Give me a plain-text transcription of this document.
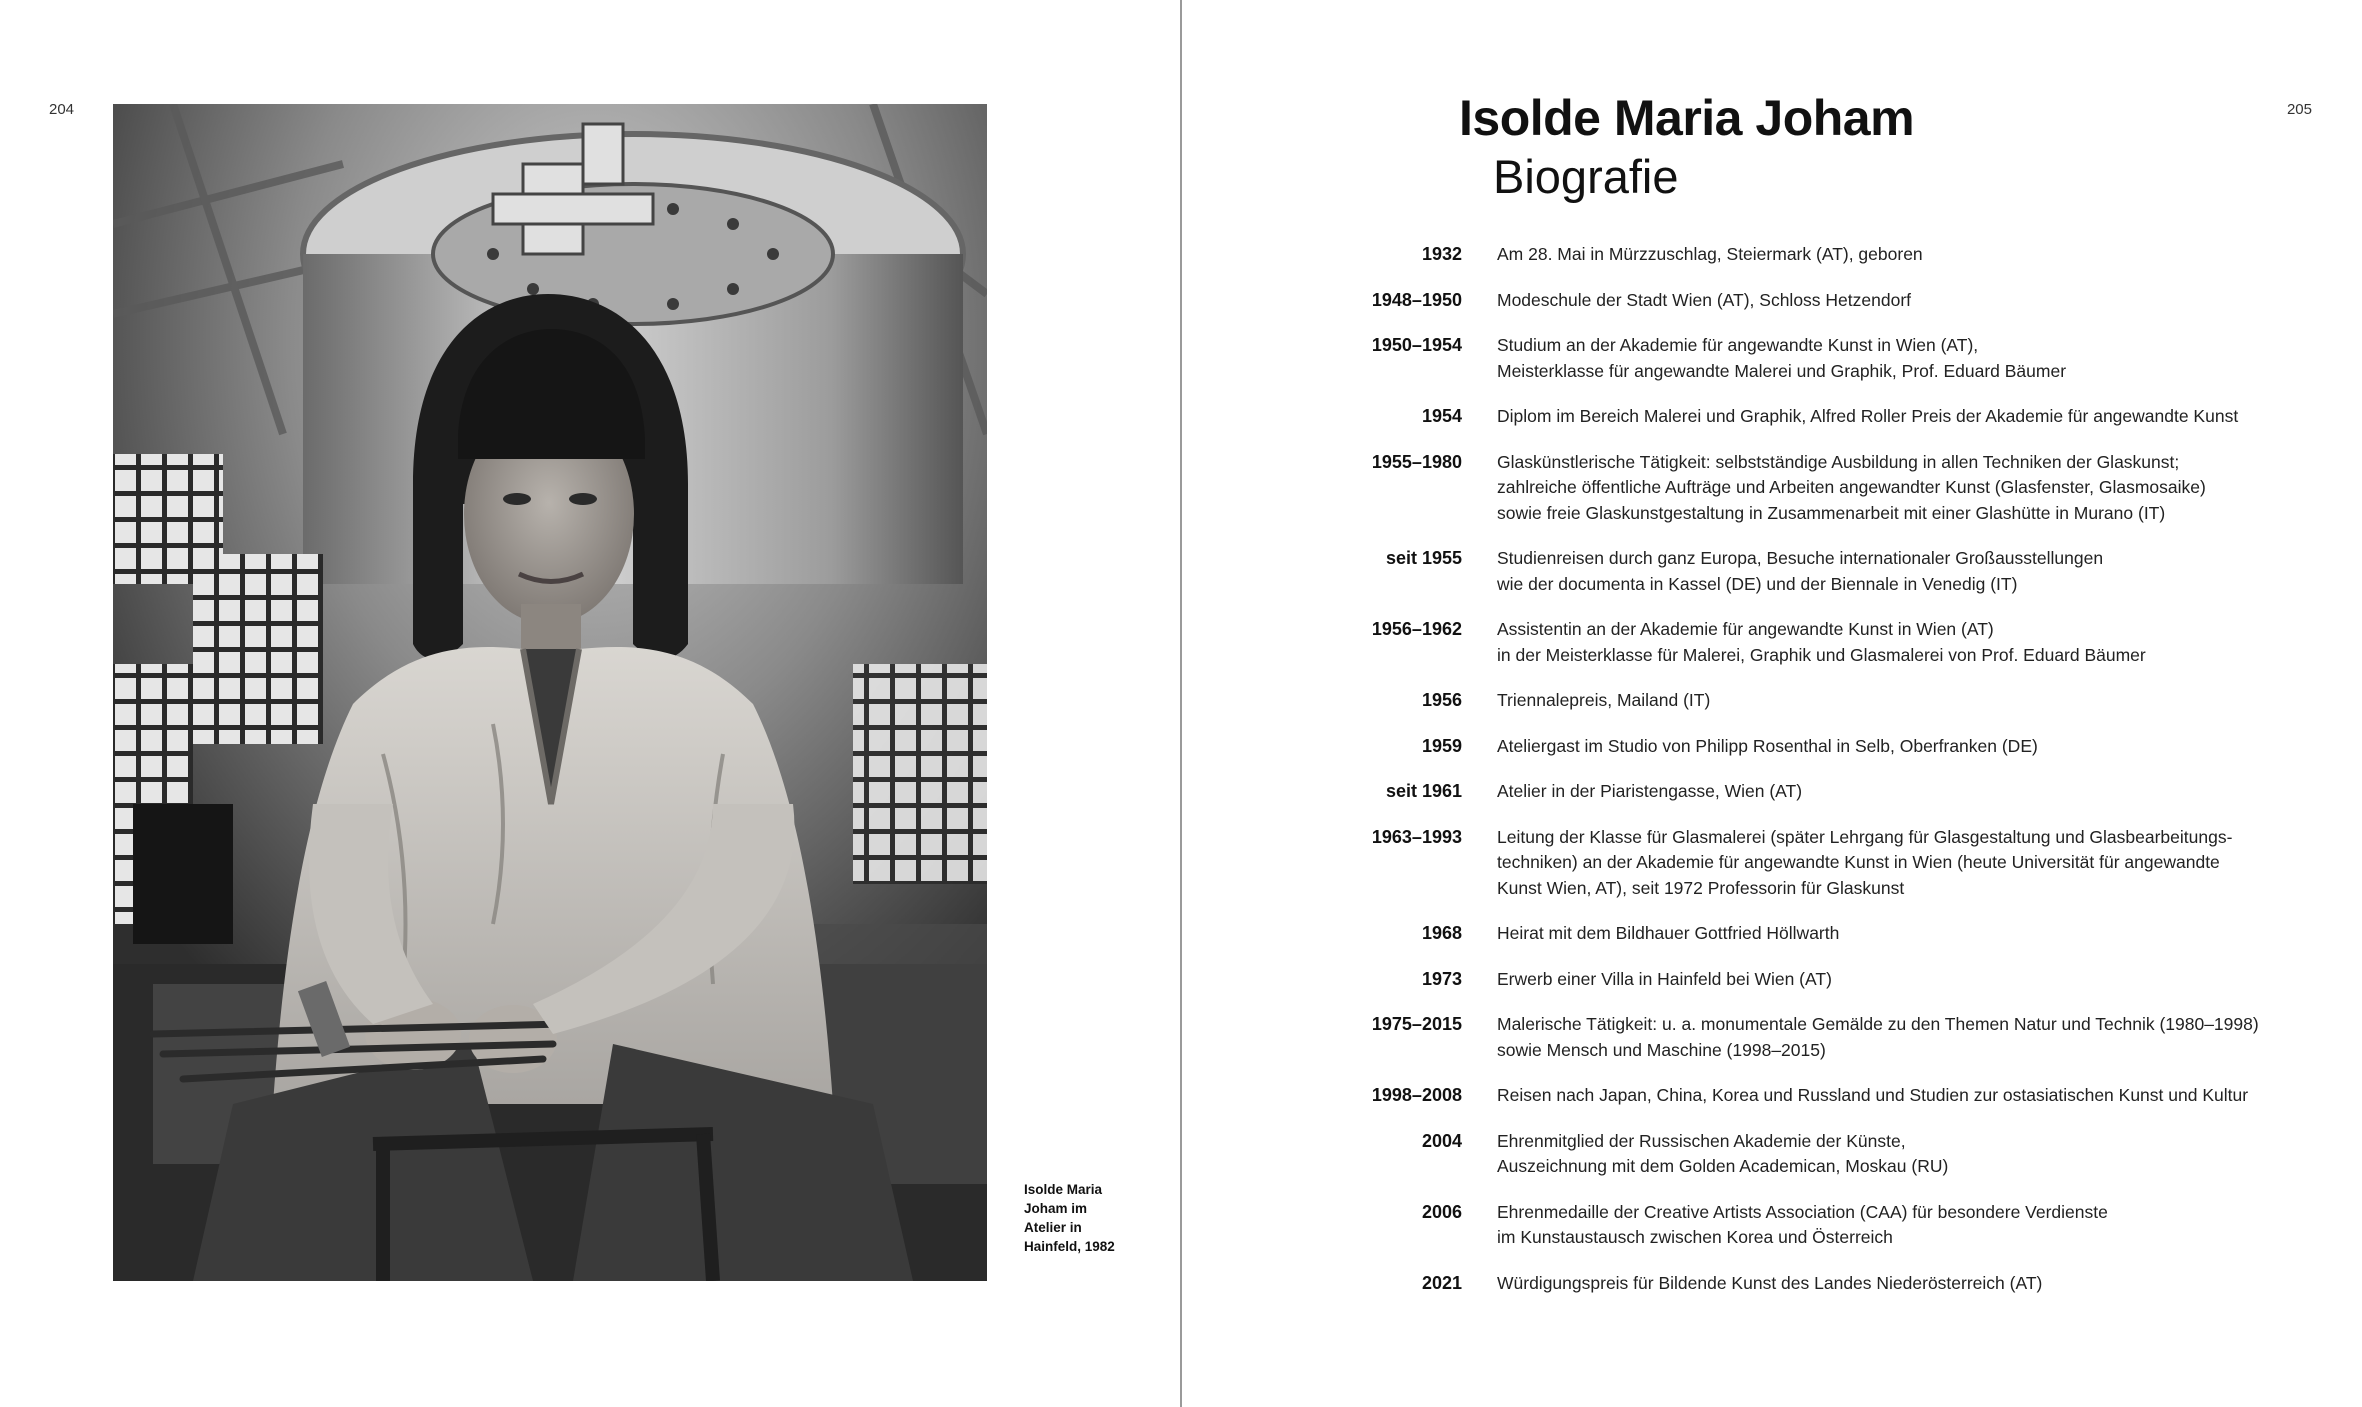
204
Isolde Maria
Joham im
Atelier in
Hainfeld, 1982
205
Isolde Maria Joham
Biografie
1932 Am 28. Mai in Mürzzuschlag, Steiermark (AT), geboren
1948–1950 Modeschule der Stadt Wien (AT), Schloss Hetzendorf
1950–1954 Studium an der Akademie für angewandte Kunst in Wien (AT),
Meisterklasse für angewandte Malerei und Graphik, Prof. Eduard Bäumer
1954 Diplom im Bereich Malerei und Graphik, Alfred Roller Preis der Akademie für angewandte Kunst
1955–1980 Glaskünstlerische Tätigkeit: selbstständige Ausbildung in allen Techniken der Glaskunst;
zahlreiche öffentliche Aufträge und Arbeiten angewandter Kunst (Glasfenster, Glasmosaike)
sowie freie Glaskunstgestaltung in Zusammenarbeit mit einer Glashütte in Murano (IT)
seit 1955 Studienreisen durch ganz Europa, Besuche internationaler Großausstellungen
wie der documenta in Kassel (DE) und der Biennale in Venedig (IT)
1956–1962 Assistentin an der Akademie für angewandte Kunst in Wien (AT)
in der Meisterklasse für Malerei, Graphik und Glasmalerei von Prof. Eduard Bäumer
1956 Triennalepreis, Mailand (IT)
1959 Ateliergast im Studio von Philipp Rosenthal in Selb, Oberfranken (DE)
seit 1961 Atelier in der Piaristengasse, Wien (AT)
1963–1993 Leitung der Klasse für Glasmalerei (später Lehrgang für Glasgestaltung und Glasbearbeitungs-
techniken) an der Akademie für angewandte Kunst in Wien (heute Universität für angewandte
Kunst Wien, AT), seit 1972 Professorin für Glaskunst
1968 Heirat mit dem Bildhauer Gottfried Höllwarth
1973 Erwerb einer Villa in Hainfeld bei Wien (AT)
1975–2015 Malerische Tätigkeit: u. a. monumentale Gemälde zu den Themen Natur und Technik (1980–1998)
sowie Mensch und Maschine (1998–2015)
1998–2008 Reisen nach Japan, China, Korea und Russland und Studien zur ostasiatischen Kunst und Kultur
2004 Ehrenmitglied der Russischen Akademie der Künste,
Auszeichnung mit dem Golden Academican, Moskau (RU)
2006 Ehrenmedaille der Creative Artists Association (CAA) für besondere Verdienste
im Kunstaustausch zwischen Korea und Österreich
2021 Würdigungspreis für Bildende Kunst des Landes Niederösterreich (AT)
